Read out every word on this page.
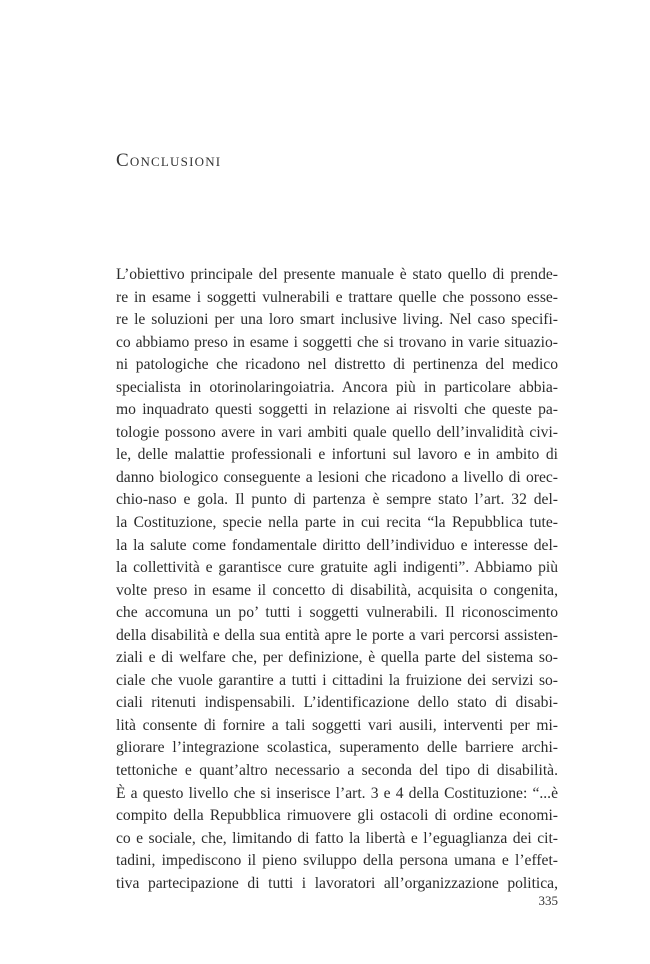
Conclusioni
L’obiettivo principale del presente manuale è stato quello di prende-
re in esame i soggetti vulnerabili e trattare quelle che possono esse-
re le soluzioni per una loro smart inclusive living. Nel caso specifi-
co abbiamo preso in esame i soggetti che si trovano in varie situazio-
ni patologiche che ricadono nel distretto di pertinenza del medico
specialista in otorinolaringoiatria. Ancora più in particolare abbia-
mo inquadrato questi soggetti in relazione ai risvolti che queste pa-
tologie possono avere in vari ambiti quale quello dell’invalidità civi-
le, delle malattie professionali e infortuni sul lavoro e in ambito di
danno biologico conseguente a lesioni che ricadono a livello di orec-
chio-naso e gola. Il punto di partenza è sempre stato l’art. 32 del-
la Costituzione, specie nella parte in cui recita “la Repubblica tute-
la la salute come fondamentale diritto dell’individuo e interesse del-
la collettività e garantisce cure gratuite agli indigenti”. Abbiamo più
volte preso in esame il concetto di disabilità, acquisita o congenita,
che accomuna un po’ tutti i soggetti vulnerabili. Il riconoscimento
della disabilità e della sua entità apre le porte a vari percorsi assisten-
ziali e di welfare che, per definizione, è quella parte del sistema so-
ciale che vuole garantire a tutti i cittadini la fruizione dei servizi so-
ciali ritenuti indispensabili. L’identificazione dello stato di disabi-
lità consente di fornire a tali soggetti vari ausili, interventi per mi-
gliorare l’integrazione scolastica, superamento delle barriere archi-
tettoniche e quant’altro necessario a seconda del tipo di disabilità.
È a questo livello che si inserisce l’art. 3 e 4 della Costituzione: “...è
compito della Repubblica rimuovere gli ostacoli di ordine economi-
co e sociale, che, limitando di fatto la libertà e l’eguaglianza dei cit-
tadini, impediscono il pieno sviluppo della persona umana e l’effet-
tiva partecipazione di tutti i lavoratori all’organizzazione politica,
335
